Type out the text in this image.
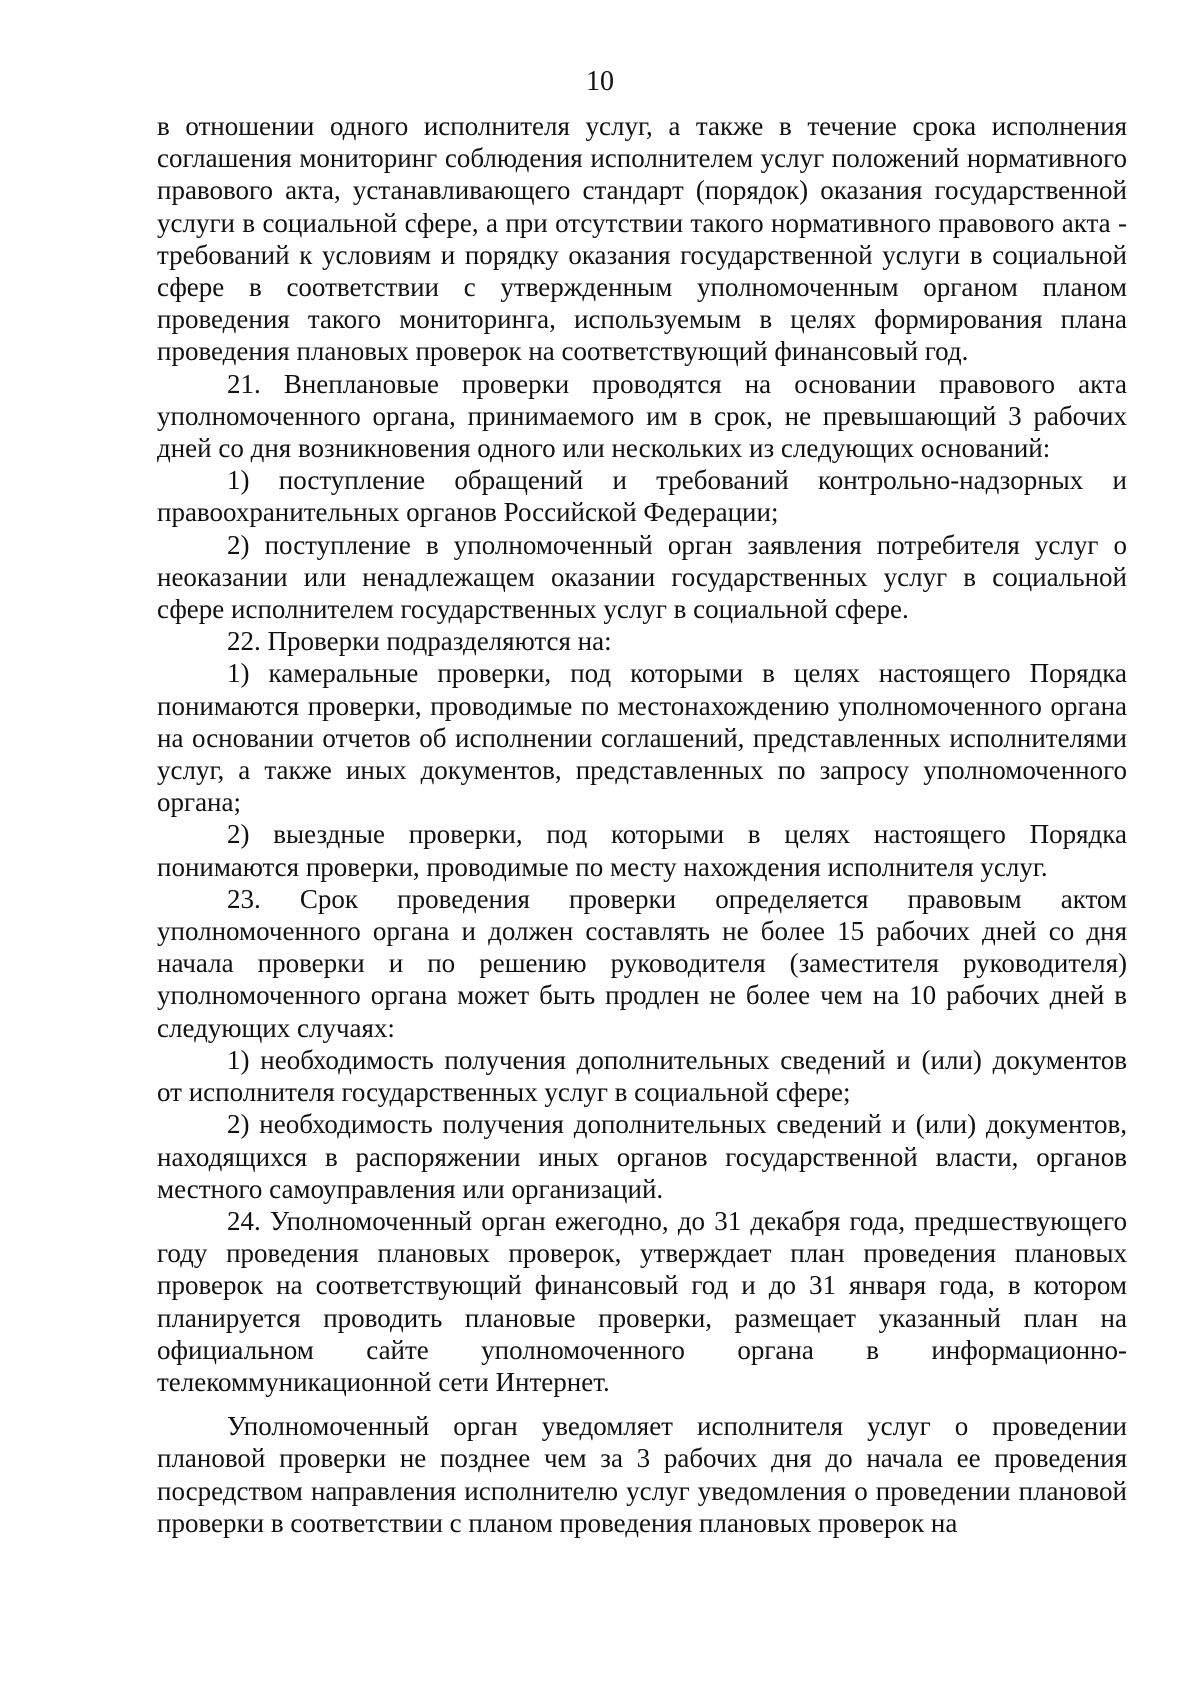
10

в отношении одного исполнителя услуг, а также в течение срока исполнения соглашения мониторинг соблюдения исполнителем услуг положений нормативного правового акта, устанавливающего стандарт (порядок) оказания государственной услуги в социальной сфере, а при отсутствии такого нормативного правового акта - требований к условиям и порядку оказания государственной услуги в социальной сфере в соответствии с утвержденным уполномоченным органом планом проведения такого мониторинга, используемым в целях формирования плана проведения плановых проверок на соответствующий финансовый год.

21. Внеплановые проверки проводятся на основании правового акта уполномоченного органа, принимаемого им в срок, не превышающий 3 рабочих дней со дня возникновения одного или нескольких из следующих оснований:

1) поступление обращений и требований контрольно-надзорных и правоохранительных органов Российской Федерации;

2) поступление в уполномоченный орган заявления потребителя услуг о неоказании или ненадлежащем оказании государственных услуг в социальной сфере исполнителем государственных услуг в социальной сфере.

22. Проверки подразделяются на:

1) камеральные проверки, под которыми в целях настоящего Порядка понимаются проверки, проводимые по местонахождению уполномоченного органа на основании отчетов об исполнении соглашений, представленных исполнителями услуг, а также иных документов, представленных по запросу уполномоченного органа;

2) выездные проверки, под которыми в целях настоящего Порядка понимаются проверки, проводимые по месту нахождения исполнителя услуг.

23. Срок проведения проверки определяется правовым актом уполномоченного органа и должен составлять не более 15 рабочих дней со дня начала проверки и по решению руководителя (заместителя руководителя) уполномоченного органа может быть продлен не более чем на 10 рабочих дней в следующих случаях:

1) необходимость получения дополнительных сведений и (или) документов от исполнителя государственных услуг в социальной сфере;

2) необходимость получения дополнительных сведений и (или) документов, находящихся в распоряжении иных органов государственной власти, органов местного самоуправления или организаций.

24. Уполномоченный орган ежегодно, до 31 декабря года, предшествующего году проведения плановых проверок, утверждает план проведения плановых проверок на соответствующий финансовый год и до 31 января года, в котором планируется проводить плановые проверки, размещает указанный план на официальном сайте уполномоченного органа в информационно-телекоммуникационной сети Интернет.

Уполномоченный орган уведомляет исполнителя услуг о проведении плановой проверки не позднее чем за 3 рабочих дня до начала ее проведения посредством направления исполнителю услуг уведомления о проведении плановой проверки в соответствии с планом проведения плановых проверок на
